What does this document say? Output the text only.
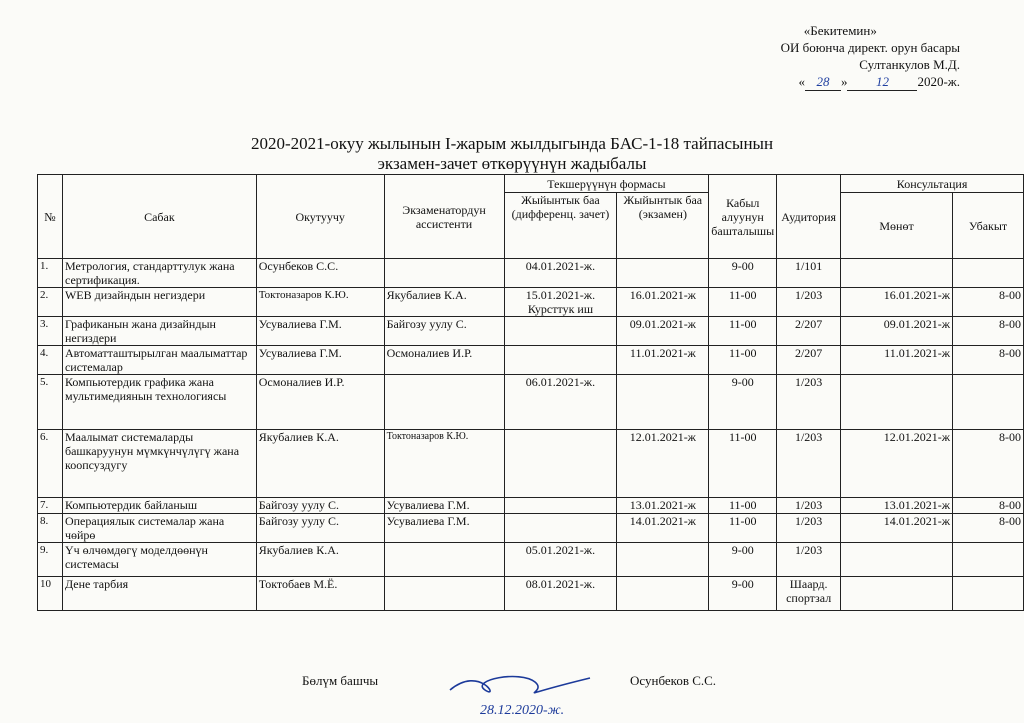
«Бекитемин»
ОИ боюнча директ. орун басары
Султанкулов М.Д.
« 28 » 12 2020-ж.
2020-2021-окуу жылынын I-жарым жылдыгында БАС-1-18 тайпасынын
экзамен-зачет өткөрүүнүн жадыбалы
№	Сабак	Окутуучу	Экзаменатордун ассистенти	Текшерүүнүн формасы		Кабыл алуунун башталышы	Аудитория	Консультация	
				Жыйынтык баа (дифференц. зачет)	Жыйынтык баа (экзамен)			Мөнөт	Убакыт
1.	Метрология, стандарттулук жана сертификация.	Осунбеков С.С.		04.01.2021-ж.		9-00	1/101		
2.	WEB дизайндын негиздери	Токтоназаров К.Ю.	Якубалиев К.А.	15.01.2021-ж. Курсттук иш	16.01.2021-ж	11-00	1/203	16.01.2021-ж	8-00
3.	Графиканын жана дизайндын негиздери	Усувалиева Г.М.	Байгозу уулу С.		09.01.2021-ж	11-00	2/207	09.01.2021-ж	8-00
4.	Автоматташтырылган маалыматтар системалар	Усувалиева Г.М.	Осмоналиев И.Р.		11.01.2021-ж	11-00	2/207	11.01.2021-ж	8-00
5.	Компьютердик графика жана мультимедиянын технологиясы	Осмоналиев И.Р.		06.01.2021-ж.		9-00	1/203		
6.	Маалымат системаларды башкаруунун мүмкүнчүлүгү жана коопсуздугу	Якубалиев К.А.	Токтоназаров К.Ю.		12.01.2021-ж	11-00	1/203	12.01.2021-ж	8-00
7.	Компьютердик байланыш	Байгозу уулу С.	Усувалиева Г.М.		13.01.2021-ж	11-00	1/203	13.01.2021-ж	8-00
8.	Операциялык системалар жана чөйрө	Байгозу уулу С.	Усувалиева Г.М.		14.01.2021-ж	11-00	1/203	14.01.2021-ж	8-00
9.	Үч өлчөмдөгү моделдөөнүн системасы	Якубалиев К.А.		05.01.2021-ж.		9-00	1/203		
10	Дене тарбия	Токтобаев М.Ё.		08.01.2021-ж.		9-00	Шаард. спортзал		
Бөлүм башчы
28.12.2020-ж.
Осунбеков С.С.
